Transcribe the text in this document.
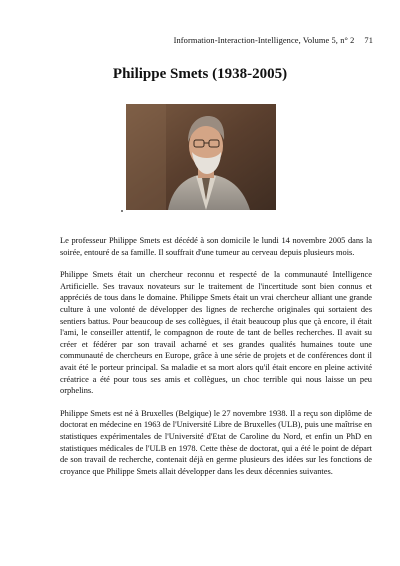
Information-Interaction-Intelligence, Volume 5, n° 2 71
Philippe Smets (1938-2005)

Le professeur Philippe Smets est décédé à son domicile le lundi 14 novembre 2005 dans la soirée, entouré de sa famille. Il souffrait d'une tumeur au cerveau depuis plusieurs mois.

Philippe Smets était un chercheur reconnu et respecté de la communauté Intelligence Artificielle. Ses travaux novateurs sur le traitement de l'incertitude sont bien connus et appréciés de tous dans le domaine. Philippe Smets était un vrai chercheur alliant une grande culture à une volonté de développer des lignes de recherche originales qui sortaient des sentiers battus. Pour beaucoup de ses collègues, il était beaucoup plus que çà encore, il était l'ami, le conseiller attentif, le compagnon de route de tant de belles recherches. Il avait su créer et fédérer par son travail acharné et ses grandes qualités humaines toute une communauté de chercheurs en Europe, grâce à une série de projets et de conférences dont il avait été le porteur principal. Sa maladie et sa mort alors qu'il était encore en pleine activité créatrice a été pour tous ses amis et collègues, un choc terrible qui nous laisse un peu orphelins.

Philippe Smets est né à Bruxelles (Belgique) le 27 novembre 1938. Il a reçu son diplôme de doctorat en médecine en 1963 de l'Université Libre de Bruxelles (ULB), puis une maîtrise en statistiques expérimentales de l'Université d'Etat de Caroline du Nord, et enfin un PhD en statistiques médicales de l'ULB en 1978. Cette thèse de doctorat, qui a été le point de départ de son travail de recherche, contenait déjà en germe plusieurs des idées sur les fonctions de croyance que Philippe Smets allait développer dans les deux décennies suivantes.
